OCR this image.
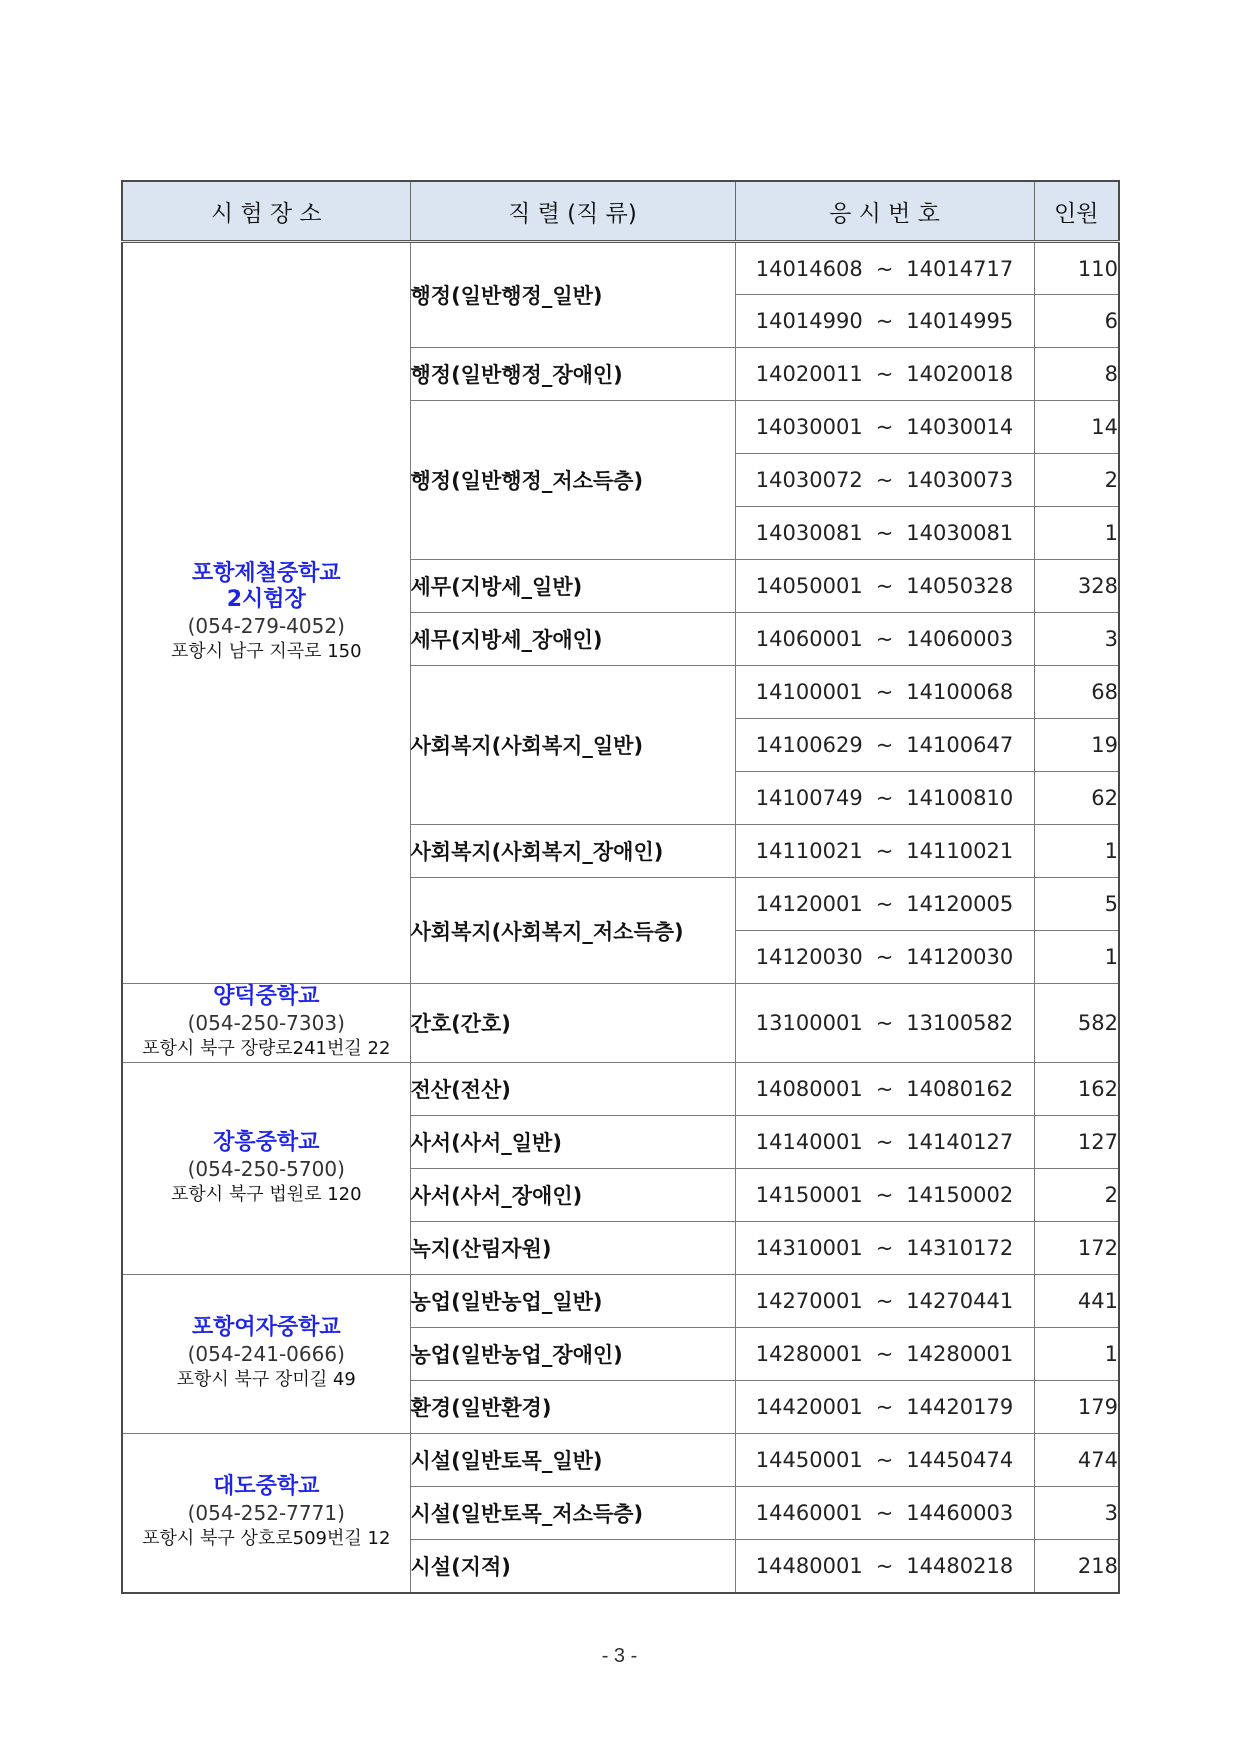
시 험 장 소	직 렬 (직 류)	응 시 번 호	인원

포항제철중학교
2시험장
(054-279-4052)
포항시 남구 지곡로 150	행정(일반행정_일반)	14014608 ~ 14014717	110
		14014990 ~ 14014995	6
	행정(일반행정_장애인)	14020011 ~ 14020018	8
	행정(일반행정_저소득층)	14030001 ~ 14030014	14
		14030072 ~ 14030073	2
		14030081 ~ 14030081	1
	세무(지방세_일반)	14050001 ~ 14050328	328
	세무(지방세_장애인)	14060001 ~ 14060003	3
	사회복지(사회복지_일반)	14100001 ~ 14100068	68
		14100629 ~ 14100647	19
		14100749 ~ 14100810	62
	사회복지(사회복지_장애인)	14110021 ~ 14110021	1
	사회복지(사회복지_저소득층)	14120001 ~ 14120005	5
		14120030 ~ 14120030	1

양덕중학교
(054-250-7303)
포항시 북구 장량로241번길 22	간호(간호)	13100001 ~ 13100582	582

장흥중학교
(054-250-5700)
포항시 북구 법원로 120	전산(전산)	14080001 ~ 14080162	162
	사서(사서_일반)	14140001 ~ 14140127	127
	사서(사서_장애인)	14150001 ~ 14150002	2
	녹지(산림자원)	14310001 ~ 14310172	172

포항여자중학교
(054-241-0666)
포항시 북구 장미길 49	농업(일반농업_일반)	14270001 ~ 14270441	441
	농업(일반농업_장애인)	14280001 ~ 14280001	1
	환경(일반환경)	14420001 ~ 14420179	179

대도중학교
(054-252-7771)
포항시 북구 상호로509번길 12	시설(일반토목_일반)	14450001 ~ 14450474	474
	시설(일반토목_저소득층)	14460001 ~ 14460003	3
	시설(지적)	14480001 ~ 14480218	218
- 3 -
